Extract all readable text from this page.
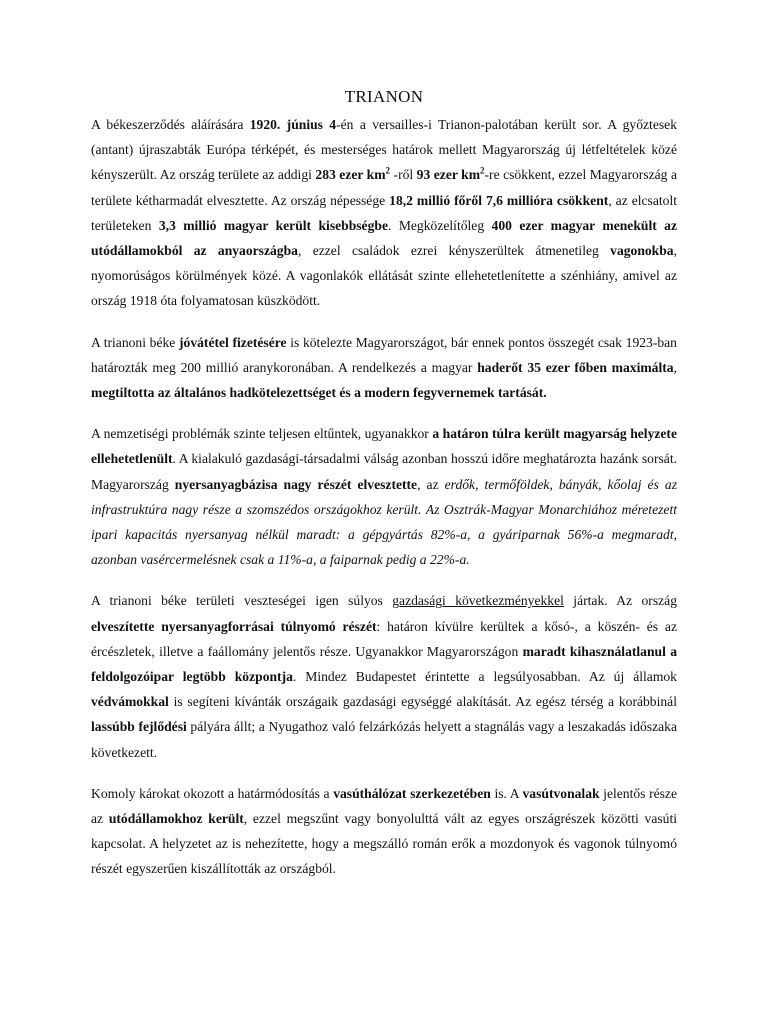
TRIANON

A békeszerződés aláírására 1920. június 4-én a versailles-i Trianon-palotában került sor. A győztesek (antant) újraszabták Európa térképét, és mesterséges határok mellett Magyarország új létfeltételek közé kényszerült. Az ország területe az addigi 283 ezer $km^2$ -ről 93 ezer $km^2-re$ csökkent, ezzel Magyarország a területe kétharmadát elvesztette. Az ország népessége 18,2 millió főről 7,6 millióra csökkent, az elcsatolt területeken 3,3 millió magyar került kisebbségbe. Megközelítőleg 400 ezer magyar menekült az utódállamokból az anyaországba, ezzel családok ezrei kényszerültek átmenetileg vagonokba, nyomorúságos körülmények közé. A vagonlakók ellátását szinte ellehetetlenítette a szénhiány, amivel az ország 1918 óta folyamatosan küszködött.

A trianoni béke jóvátétel fizetésére is kötelezte Magyarországot, bár ennek pontos összegét csak 1923-ban határozták meg 200 millió aranykoronában. A rendelkezés a magyar haderőt 35 ezer főben maximálta, megtiltotta az általános hadkötelezettséget és a modern fegyvernemek tartását.

A nemzetiségi problémák szinte teljesen eltűntek, ugyanakkor a határon túlra került magyarság helyzete ellehetetlenült. A kialakuló gazdasági-társadalmi válság azonban hosszú időre meghatározta hazánk sorsát. Magyarország nyersanyagbázisa nagy részét elvesztette, az erdők, termőföldek, bányák, kőolaj és az infrastruktúra nagy része a szomszédos országokhoz került. Az Osztrák-Magyar Monarchiához méretezett ipari kapacitás nyersanyag nélkül maradt: a gépgyártás 82%-a, a gyáriparnak 56%-a megmaradt, azonban vasércermelésnek csak a 11%-a, a faiparnak pedig a 22%-a.

A trianoni béke területi veszteségei igen súlyos gazdasági következményekkel jártak. Az ország elveszítette nyersanyagforrásai túlnyomó részét: határon kívülre kerültek a kősó-, a köszén- és az ércészletek, illetve a faállomány jelentős része. Ugyanakkor Magyarországon maradt kihasználatlanul a feldolgozóipar legtöbb központja. Mindez Budapestet érintette a legsúlyosabban. Az új államok védvámokkal is segíteni kívánták országaik gazdasági egységgé alakítását. Az egész térség a korábbinál lassúbb fejlődési pályára állt; a Nyugathoz való felzárkózás helyett a stagnálás vagy a leszakadás időszaka következett.

Komoly károkat okozott a határmódosítás a vasúthálózat szerkezetében is. A vasútvonalak jelentős része az utódállamokhoz került, ezzel megszűnt vagy bonyolulttá vált az egyes országrészek közötti vasúti kapcsolat. A helyzetet az is nehezítette, hogy a megszálló román erők a mozdonyok és vagonok túlnyomó részét egyszerűen kiszállították az országból.
